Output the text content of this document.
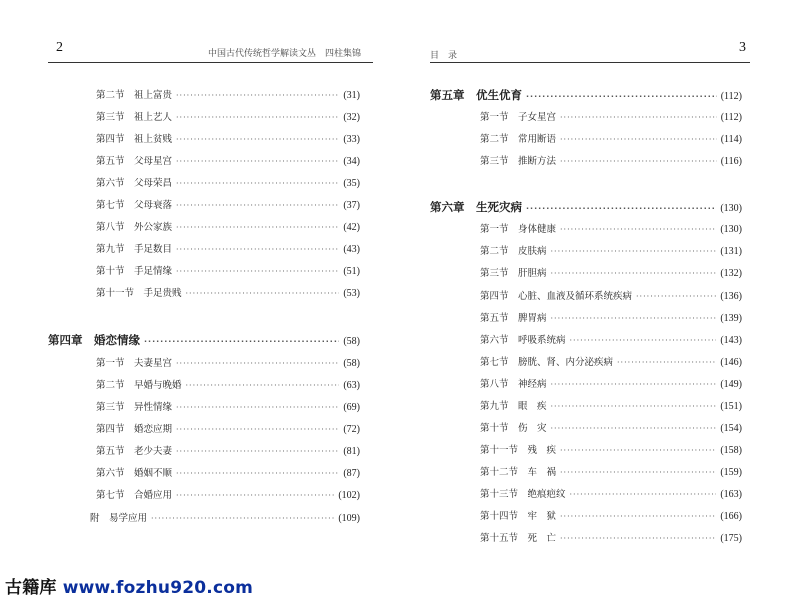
2	中国古代传统哲学解读文丛　四柱集锦
第二节　祖上富贵 ·····	(31)
第三节　祖上艺人 ·····	(32)
第四节　祖上贫贱 ·····	(33)
第五节　父母星宫 ·····	(34)
第六节　父母荣昌 ·····	(35)
第七节　父母衰落 ·····	(37)
第八节　外公家族 ·····	(42)
第九节　手足数目 ·····	(43)
第十节　手足情缘 ·····	(51)
第十一节　手足贵贱 ·····	(53)
第四章　婚恋情缘 ·····	(58)
第一节　夫妻星宫 ·····	(58)
第二节　早婚与晚婚 ·····	(63)
第三节　异性情缘 ·····	(69)
第四节　婚恋应期 ·····	(72)
第五节　老少夫妻 ·····	(81)
第六节　婚姻不顺 ·····	(87)
第七节　合婚应用 ·····	(102)
附　易学应用 ·····	(109)
目　录
3
第五章　优生优育 ·····	(112)
第一节　子女星宫 ·····	(112)
第二节　常用断语 ·····	(114)
第三节　推断方法 ·····	(116)
第六章　生死灾病 ·····	(130)
第一节　身体健康 ·····	(130)
第二节　皮肤病 ·····	(131)
第三节　肝胆病 ·····	(132)
第四节　心脏、血液及循环系统疾病 ·····	(136)
第五节　脾胃病 ·····	(139)
第六节　呼吸系统病 ·····	(143)
第七节　膀胱、肾、内分泌疾病 ·····	(146)
第八节　神经病 ·····	(149)
第九节　眼　疾 ·····	(151)
第十节　伤　灾 ·····	(154)
第十一节　残　疾 ·····	(158)
第十二节　车　祸 ·····	(159)
第十三节　绝痕疤纹 ·····	(163)
第十四节　牢　狱 ·····	(166)
第十五节　死　亡 ·····	(175)
古籍库 www.fozhu920.com
